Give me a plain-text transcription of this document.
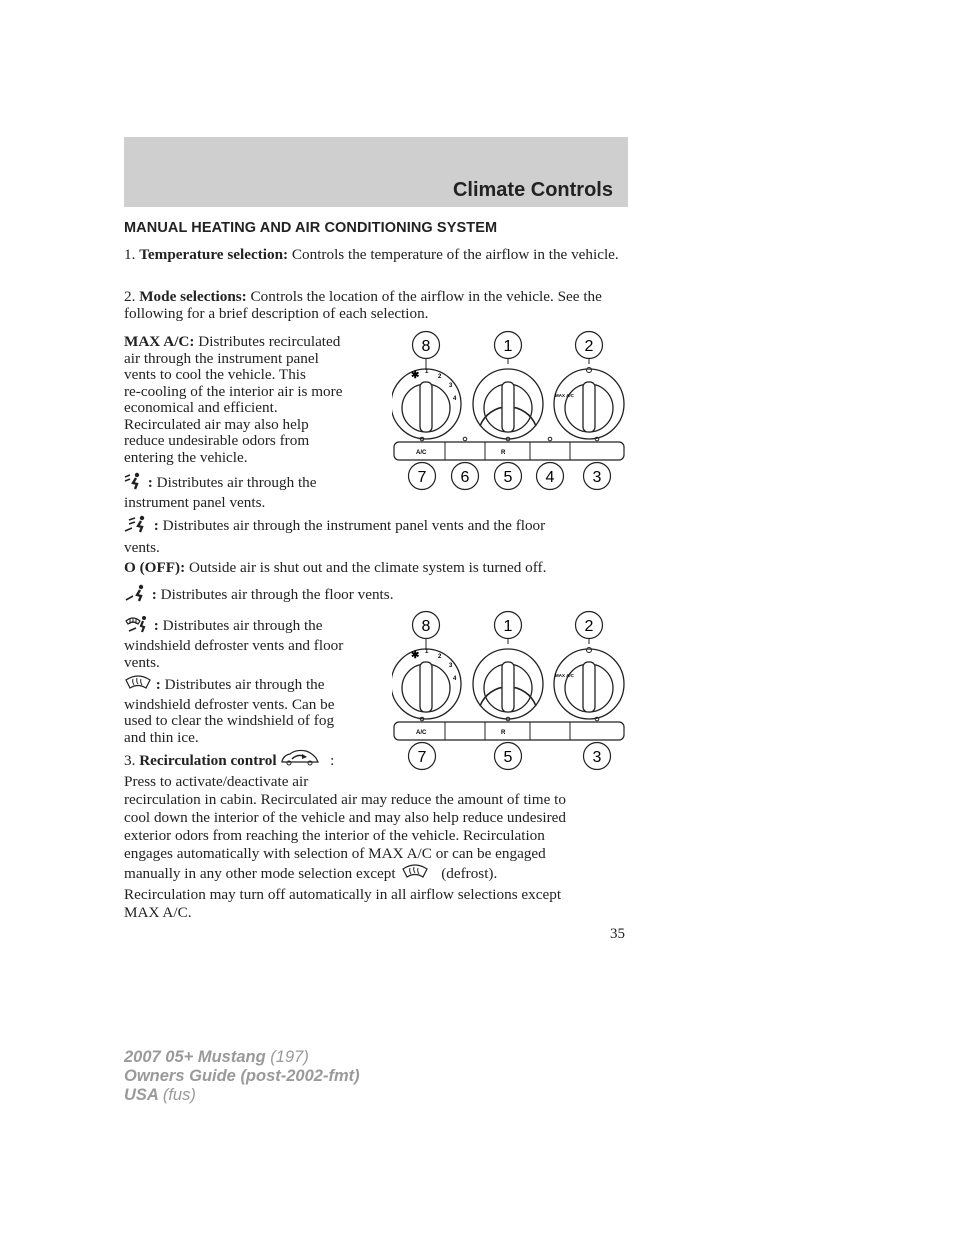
Climate Controls
MANUAL HEATING AND AIR CONDITIONING SYSTEM

1. Temperature selection: Controls the temperature of the airflow in the vehicle.

2. Mode selections: Controls the location of the airflow in the vehicle. See the following for a brief description of each selection.

MAX A/C: Distributes recirculated
air through the instrument panel
vents to cool the vehicle. This
re-cooling of the interior air is more
economical and efficient.
Recirculated air may also help
reduce undesirable odors from
entering the vehicle.
: Distributes air through the
instrument panel vents.
: Distributes air through the instrument panel vents and the floor
vents.

O (OFF): Outside air is shut out and the climate system is turned off.

: Distributes air through the floor vents.
: Distributes air through the
windshield defroster vents and floor
vents.
: Distributes air through the
windshield defroster vents. Can be
used to clear the windshield of fog
and thin ice.
3. Recirculation control	:
Press to activate/deactivate air
recirculation in cabin. Recirculated air may reduce the amount of time to
cool down the interior of the vehicle and may also help reduce undesired
exterior odors from reaching the interior of the vehicle. Recirculation
engages automatically with selection of MAX A/C or can be engaged
manually in any other mode selection except	(defrost).
Recirculation may turn off automatically in all airflow selections except
MAX A/C.
8	1	2
✱ 1
2
3
4
MAX A/C
A/C	R
7 6 5 4 3
8	1	2
✱ 1
2
3
4
MAX A/C
A/C	R
7	5	3
35
2007 05+ Mustang (197)
Owners Guide (post-2002-fmt)
USA (fus)
